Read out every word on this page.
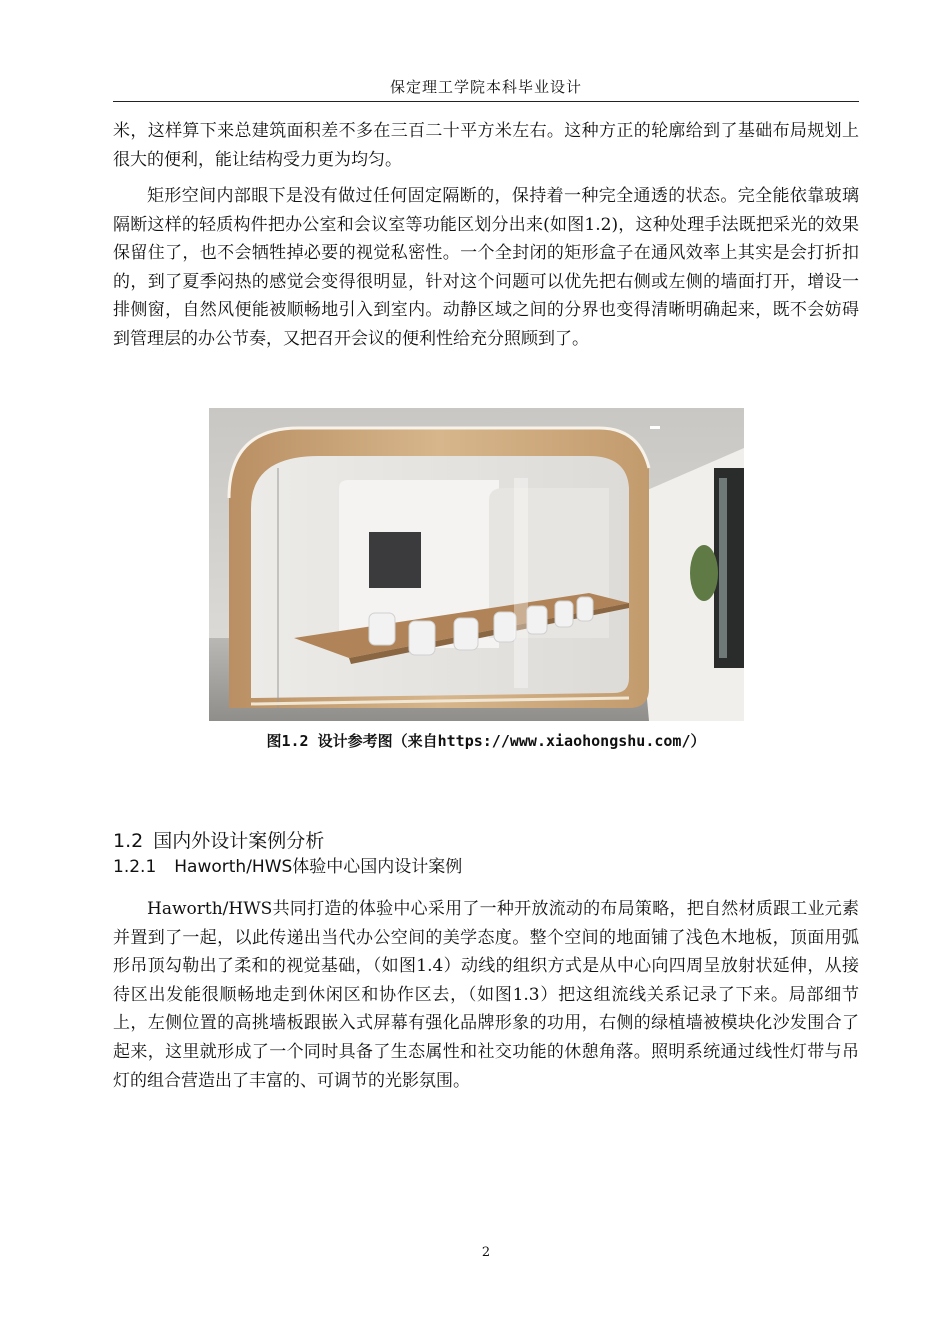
保定理工学院本科毕业设计

米，这样算下来总建筑面积差不多在三百二十平方米左右。这种方正的轮廓给到了基础布局规划上很大的便利，能让结构受力更为均匀。

矩形空间内部眼下是没有做过任何固定隔断的，保持着一种完全通透的状态。完全能依靠玻璃隔断这样的轻质构件把办公室和会议室等功能区划分出来(如图1.2)，这种处理手法既把采光的效果保留住了，也不会牺牲掉必要的视觉私密性。一个全封闭的矩形盒子在通风效率上其实是会打折扣的，到了夏季闷热的感觉会变得很明显，针对这个问题可以优先把右侧或左侧的墙面打开，增设一排侧窗，自然风便能被顺畅地引入到室内。动静区域之间的分界也变得清晰明确起来，既不会妨碍到管理层的办公节奏，又把召开会议的便利性给充分照顾到了。

图1.2 设计参考图（来自https://www.xiaohongshu.com/）
1.2 国内外设计案例分析
1.2.1 Haworth/HWS体验中心国内设计案例

Haworth/HWS共同打造的体验中心采用了一种开放流动的布局策略，把自然材质跟工业元素并置到了一起，以此传递出当代办公空间的美学态度。整个空间的地面铺了浅色木地板，顶面用弧形吊顶勾勒出了柔和的视觉基础，（如图1.4）动线的组织方式是从中心向四周呈放射状延伸，从接待区出发能很顺畅地走到休闲区和协作区去，（如图1.3）把这组流线关系记录了下来。局部细节上，左侧位置的高挑墙板跟嵌入式屏幕有强化品牌形象的功用，右侧的绿植墙被模块化沙发围合了起来，这里就形成了一个同时具备了生态属性和社交功能的休憩角落。照明系统通过线性灯带与吊灯的组合营造出了丰富的、可调节的光影氛围。

2
